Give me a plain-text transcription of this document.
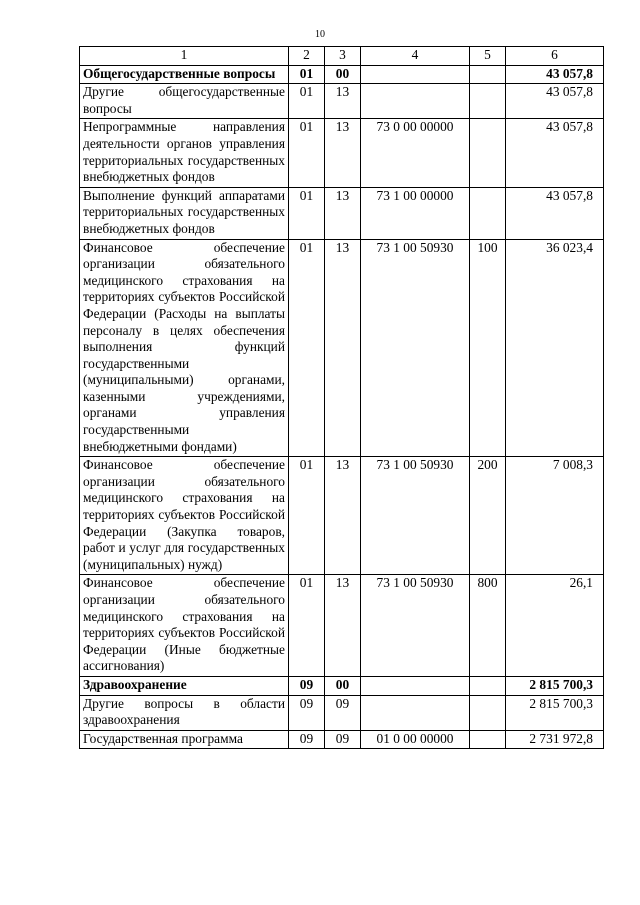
10
1	2	3	4	5	6
Общегосударственные вопросы	01	00			43 057,8
Другие общегосударственные вопросы	01	13			43 057,8
Непрограммные направления деятельности органов управления территориальных государственных внебюджетных фондов	01	13	73 0 00 00000		43 057,8
Выполнение функций аппаратами территориальных государственных внебюджетных фондов	01	13	73 1 00 00000		43 057,8
Финансовое обеспечение организации обязательного медицинского страхования на территориях субъектов Российской Федерации (Расходы на выплаты персоналу в целях обеспечения выполнения функций государственными (муниципальными) органами, казенными учреждениями, органами управления государственными внебюджетными фондами)	01	13	73 1 00 50930	100	36 023,4
Финансовое обеспечение организации обязательного медицинского страхования на территориях субъектов Российской Федерации (Закупка товаров, работ и услуг для государственных (муниципальных) нужд)	01	13	73 1 00 50930	200	7 008,3
Финансовое обеспечение организации обязательного медицинского страхования на территориях субъектов Российской Федерации (Иные бюджетные ассигнования)	01	13	73 1 00 50930	800	26,1
Здравоохранение	09	00			2 815 700,3
Другие вопросы в области здравоохранения	09	09			2 815 700,3
Государственная программа	09	09	01 0 00 00000		2 731 972,8
